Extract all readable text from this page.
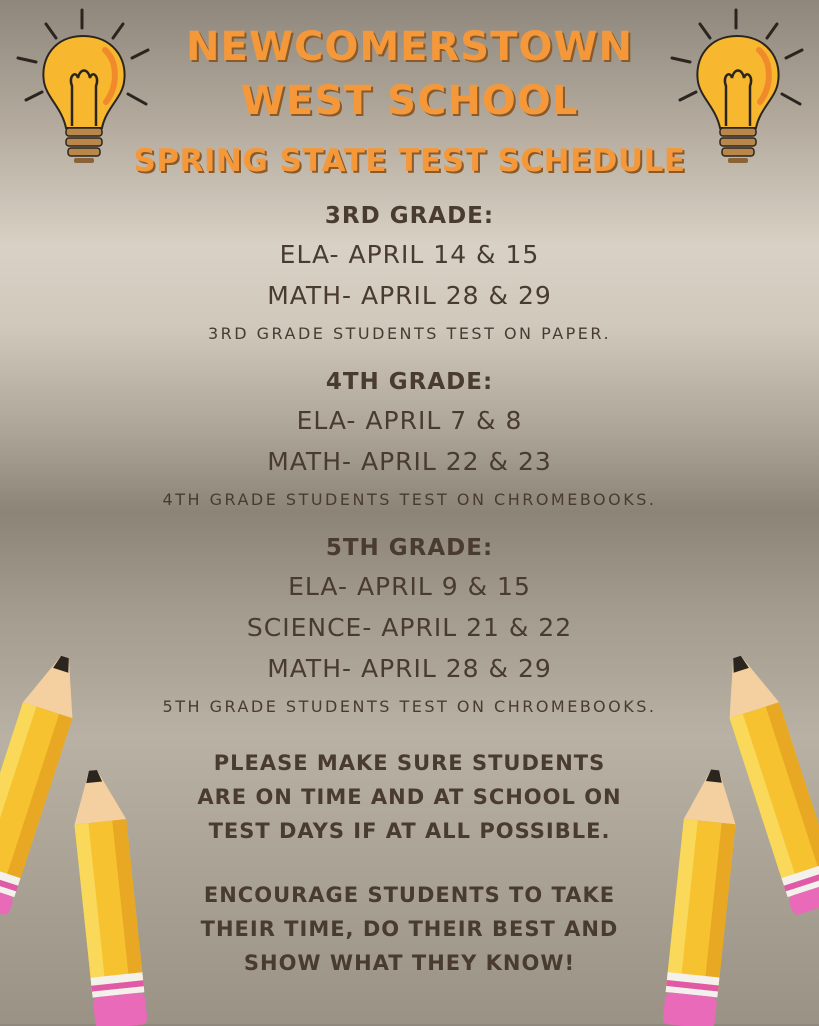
NEWCOMERSTOWN
WEST SCHOOL
SPRING STATE TEST SCHEDULE
3RD GRADE:
ELA- APRIL 14 & 15
MATH- APRIL 28 & 29
3RD GRADE STUDENTS TEST ON PAPER.
4TH GRADE:
ELA- APRIL 7 & 8
MATH- APRIL 22 & 23
4TH GRADE STUDENTS TEST ON CHROMEBOOKS.
5TH GRADE:
ELA- APRIL 9 & 15
SCIENCE- APRIL 21 & 22
MATH- APRIL 28 & 29
5TH GRADE STUDENTS TEST ON CHROMEBOOKS.
PLEASE MAKE SURE STUDENTS
ARE ON TIME AND AT SCHOOL ON
TEST DAYS IF AT ALL POSSIBLE.
ENCOURAGE STUDENTS TO TAKE
THEIR TIME, DO THEIR BEST AND
SHOW WHAT THEY KNOW!
